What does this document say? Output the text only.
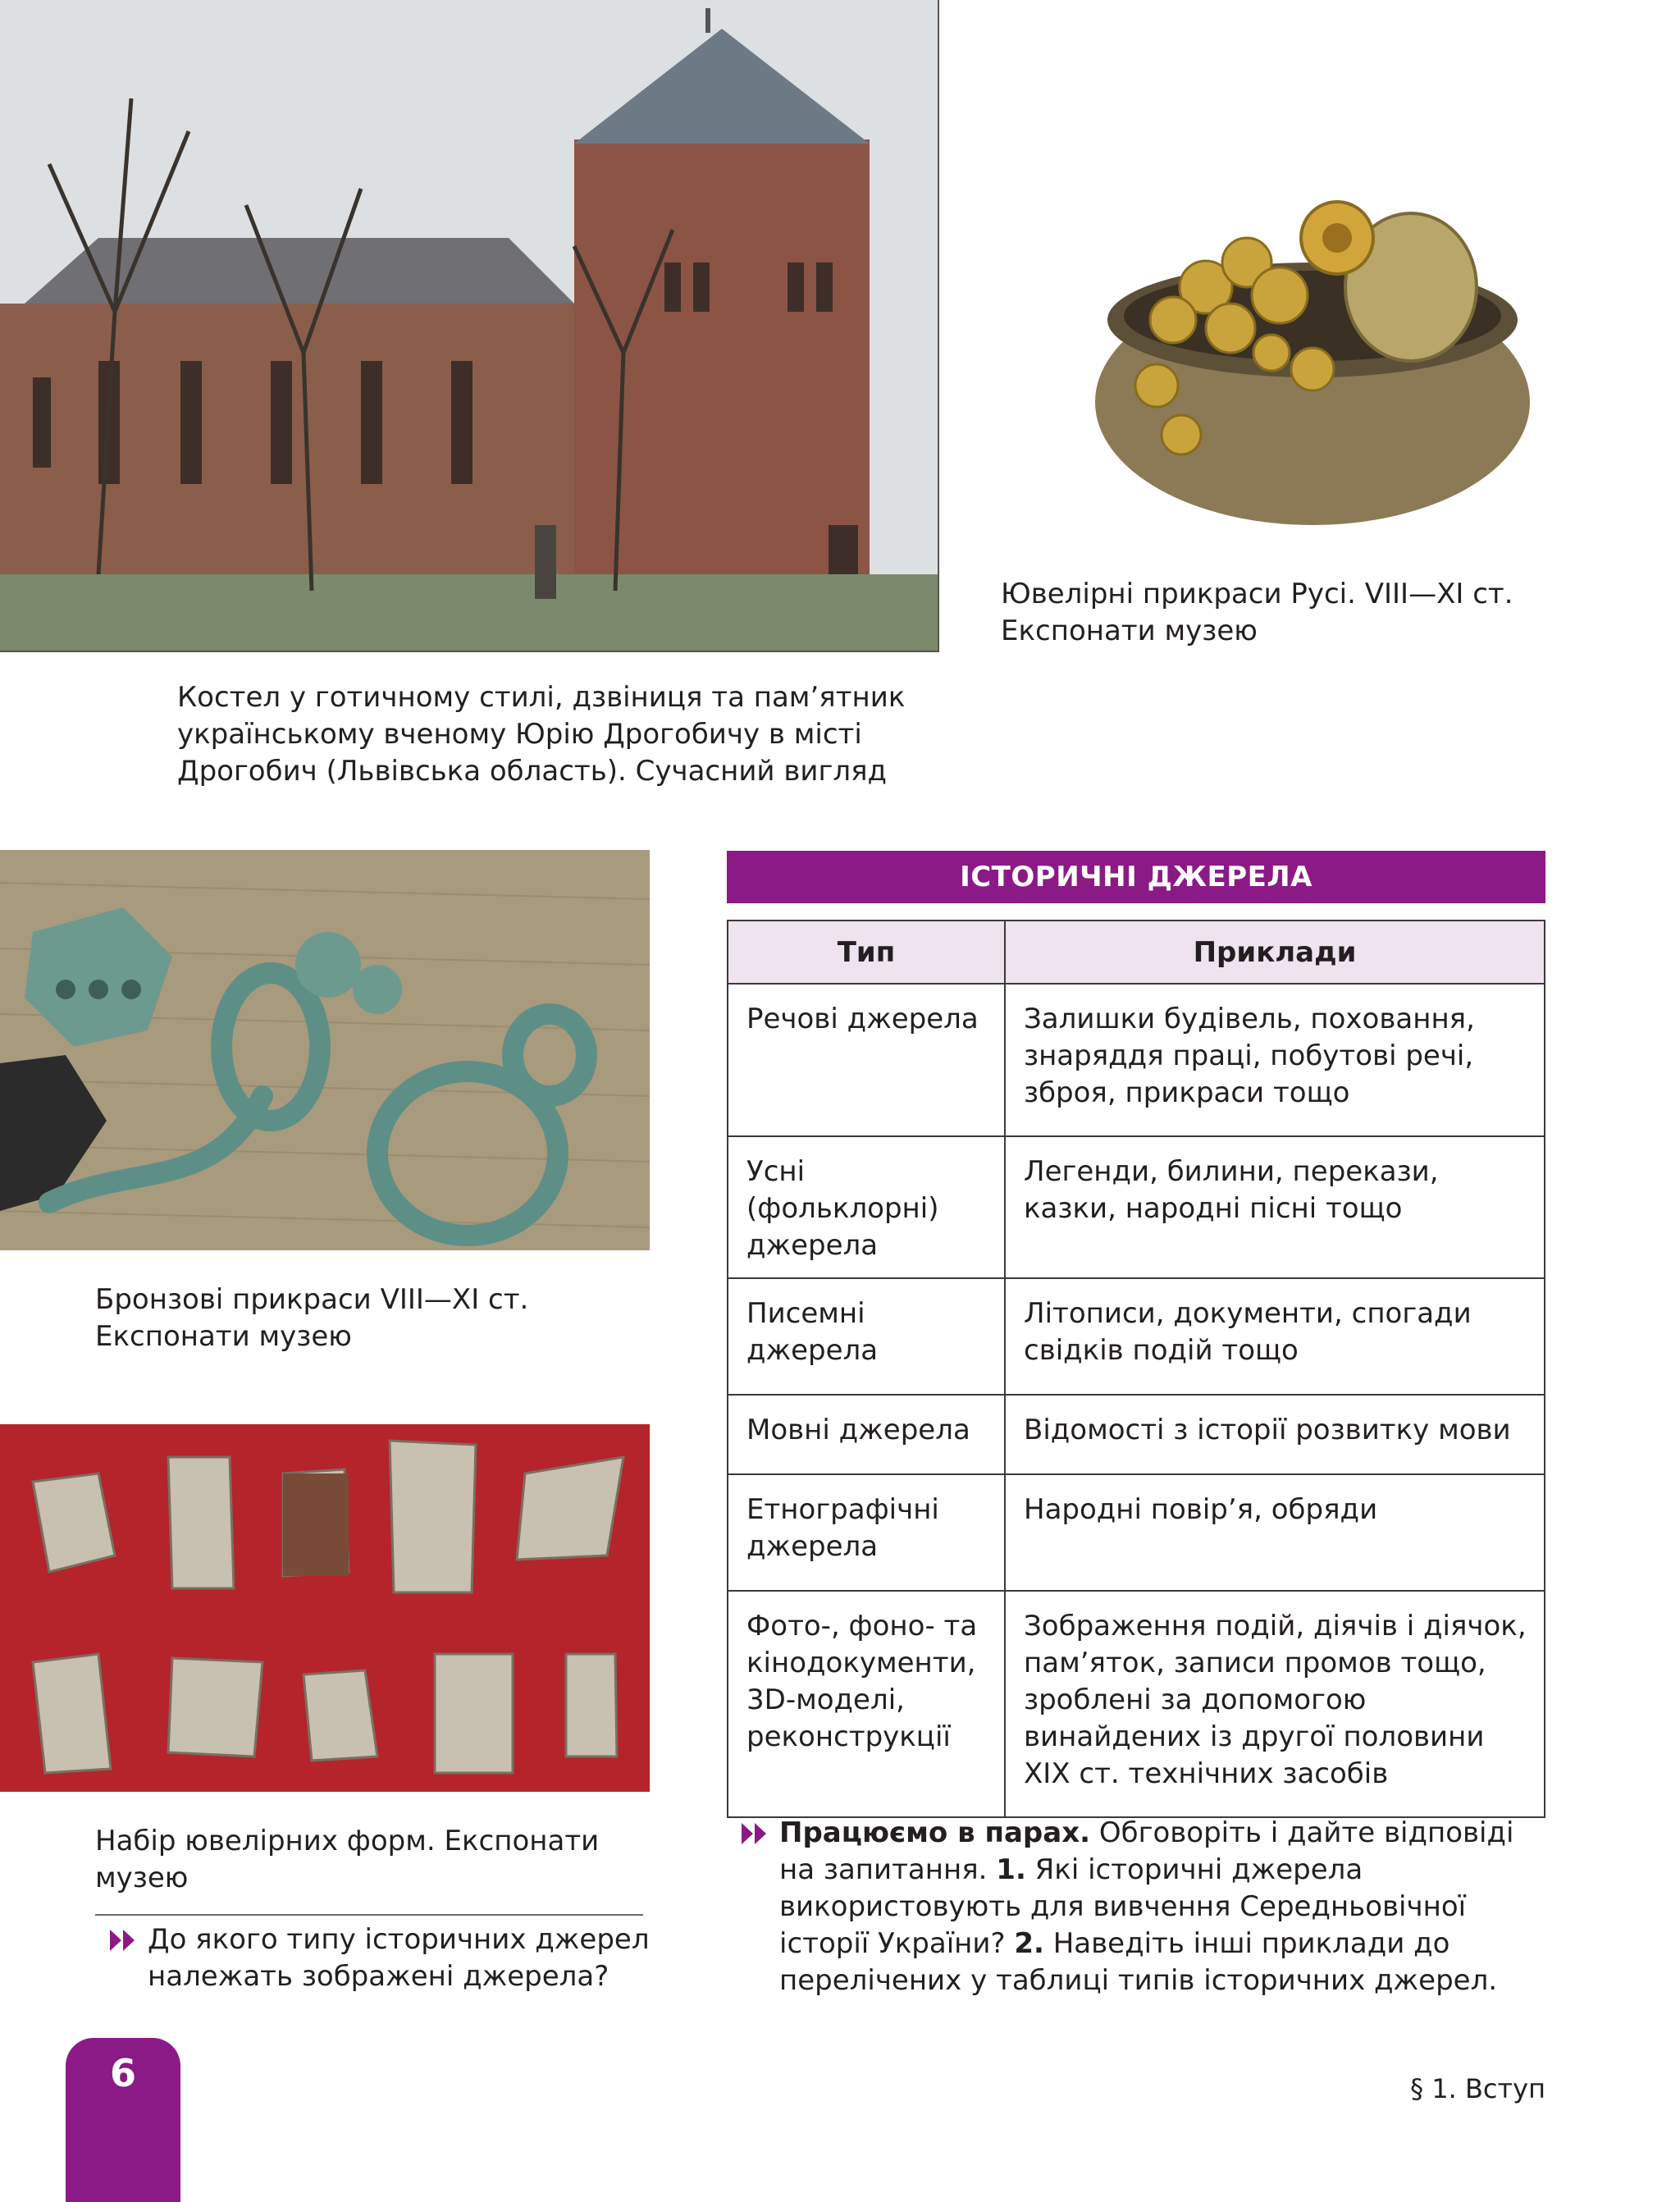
Костел у готичному стилі, дзвіниця та пам’ятник
українському вченому Юрію Дрогобичу в місті
Дрогобич (Львівська область). Сучасний вигляд
Ювелірні прикраси Русі. VIII—XI ст.
Експонати музею
Бронзові прикраси VIII—XI ст.
Експонати музею
Набір ювелірних форм. Експонати
музею
До якого типу історичних джерел належать зображені джерела?
ІСТОРИЧНІ ДЖЕРЕЛА
Тип	Приклади
Речові джерела	Залишки будівель, поховання, знаряддя праці, побутові речі, зброя, прикраси тощо
Усні (фольклорні) джерела	Легенди, билини, перекази, казки, народні пісні тощо
Писемні джерела	Літописи, документи, спогади свідків подій тощо
Мовні джерела	Відомості з історії розвитку мови
Етнографічні джерела	Народні повір’я, обряди
Фото-, фоно- та кінодокументи, 3D-моделі, реконструкції	Зображення подій, діячів і діячок, пам’яток, записи промов тощо, зроблені за допомогою винайдених із другої половини XIX ст. технічних засобів
Працюємо в парах. Обговоріть і дайте відповіді на запитання. 1. Які історичні джерела використовують для вивчення Середньовічної історії України? 2. Наведіть інші приклади до перелічених у таблиці типів історичних джерел.
6	§ 1. Вступ
